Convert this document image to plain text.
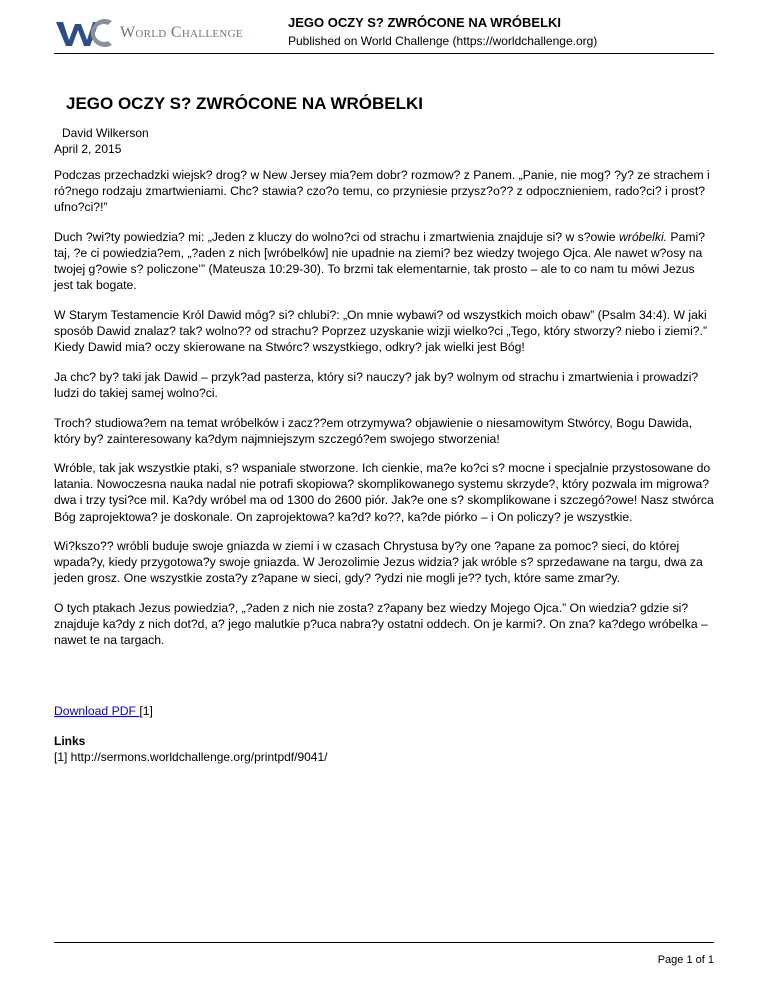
World Challenge
JEGO OCZY S? ZWRÓCONE NA WRÓBELKI
Published on World Challenge (https://worldchallenge.org)
JEGO OCZY S? ZWRÓCONE NA WRÓBELKI
David Wilkerson
April 2, 2015

Podczas przechadzki wiejsk? drog? w New Jersey mia?em dobr? rozmow? z Panem. „Panie, nie mog? ?y? ze strachem i ró?nego rodzaju zmartwieniami. Chc? stawia? czo?o temu, co przyniesie przysz?o?? z odpocznieniem, rado?ci? i prost? ufno?ci?!”

Duch ?wi?ty powiedzia? mi: „Jeden z kluczy do wolno?ci od strachu i zmartwienia znajduje si? w s?owie wróbelki. Pami?taj, ?e ci powiedzia?em, „?aden z nich [wróbelków] nie upadnie na ziemi? bez wiedzy twojego Ojca. Ale nawet w?osy na twojej g?owie s? policzone’” (Mateusza 10:29-30). To brzmi tak elementarnie, tak prosto – ale to co nam tu mówi Jezus jest tak bogate.

W Starym Testamencie Król Dawid móg? si? chlubi?: „On mnie wybawi? od wszystkich moich obaw” (Psalm 34:4). W jaki sposób Dawid znalaz? tak? wolno?? od strachu? Poprzez uzyskanie wizji wielko?ci „Tego, który stworzy? niebo i ziemi?.” Kiedy Dawid mia? oczy skierowane na Stwórc? wszystkiego, odkry? jak wielki jest Bóg!

Ja chc? by? taki jak Dawid – przyk?ad pasterza, który si? nauczy? jak by? wolnym od strachu i zmartwienia i prowadzi? ludzi do takiej samej wolno?ci.

Troch? studiowa?em na temat wróbelków i zacz??em otrzymywa? objawienie o niesamowitym Stwórcy, Bogu Dawida, który by? zainteresowany ka?dym najmniejszym szczegó?em swojego stworzenia!

Wróble, tak jak wszystkie ptaki, s? wspaniale stworzone. Ich cienkie, ma?e ko?ci s? mocne i specjalnie przystosowane do latania. Nowoczesna nauka nadal nie potrafi skopiowa? skomplikowanego systemu skrzyde?, który pozwala im migrowa? dwa i trzy tysi?ce mil. Ka?dy wróbel ma od 1300 do 2600 piór. Jak?e one s? skomplikowane i szczegó?owe! Nasz stwórca Bóg zaprojektowa? je doskonale. On zaprojektowa? ka?d? ko??, ka?de piórko – i On policzy? je wszystkie.

Wi?kszo?? wróbli buduje swoje gniazda w ziemi i w czasach Chrystusa by?y one ?apane za pomoc? sieci, do której wpada?y, kiedy przygotowa?y swoje gniazda. W Jerozolimie Jezus widzia? jak wróble s? sprzedawane na targu, dwa za jeden grosz. One wszystkie zosta?y z?apane w sieci, gdy? ?ydzi nie mogli je?? tych, które same zmar?y.

O tych ptakach Jezus powiedzia?, „?aden z nich nie zosta? z?apany bez wiedzy Mojego Ojca.” On wiedzia? gdzie si? znajduje ka?dy z nich dot?d, a? jego malutkie p?uca nabra?y ostatni oddech. On je karmi?. On zna? ka?dego wróbelka – nawet te na targach.

Download PDF [1]
Links
[1] http://sermons.worldchallenge.org/printpdf/9041/
Page 1 of 1
